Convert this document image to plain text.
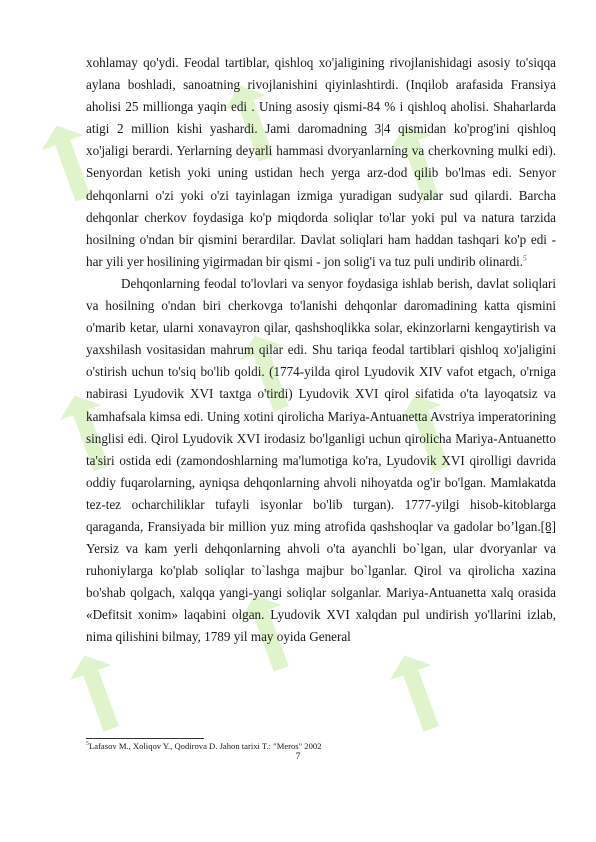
xohlamay qo'ydi. Feodal tartiblar, qishloq xo'jaligining rivojlanishidagi asosiy to'siqqa aylana boshladi, sanoatning rivojlanishini qiyinlashtirdi. (Inqilob arafasida Fransiya aholisi 25 millionga yaqin edi . Uning asosiy qismi-84 % i qishloq aholisi. Shaharlarda atigi 2 million kishi yashardi. Jami daromadning 3|4 qismidan ko'prog'ini qishloq xo'jaligi berardi. Yerlarning deyarli hammasi dvoryanlarning va cherkovning mulki edi). Senyordan ketish yoki uning ustidan hech yerga arz-dod qilib bo'lmas edi. Senyor dehqonlarni o'zi yoki o'zi tayinlagan izmiga yuradigan sudyalar sud qilardi. Barcha dehqonlar cherkov foydasiga ko'p miqdorda soliqlar to'lar yoki pul va natura tarzida hosilning o'ndan bir qismini berardilar. Davlat soliqlari ham haddan tashqari ko'p edi - har yili yer hosilining yigirmadan bir qismi - jon solig'i va tuz puli undirib olinardi.$^5$

Dehqonlarning feodal to'lovlari va senyor foydasiga ishlab berish, davlat soliqlari va hosilning o'ndan biri cherkovga to'lanishi dehqonlar daromadining katta qismini o'marib ketar, ularni xonavayron qilar, qashshoqlikka solar, ekinzorlarni kengaytirish va yaxshilash vositasidan mahrum qilar edi. Shu tariqa feodal tartiblari qishloq xo'jaligini o'stirish uchun to'siq bo'lib qoldi. (1774-yilda qirol Lyudovik XIV vafot etgach, o'rniga nabirasi Lyudovik XVI taxtga o'tirdi) Lyudovik XVI qirol sifatida o'ta layoqatsiz va kamhafsala kimsa edi. Uning xotini qirolicha Mariya-Antuanetta Avstriya imperatorining singlisi edi. Qirol Lyudovik XVI irodasiz bo'lganligi uchun qirolicha Mariya-Antuanetto ta'siri ostida edi (zamondoshlarning ma'lumotiga ko'ra, Lyudovik XVI qirolligi davrida oddiy fuqarolarning, ayniqsa dehqonlarning ahvoli nihoyatda og'ir bo'lgan. Mamlakatda tez-tez ocharchiliklar tufayli isyonlar bo'lib turgan). 1777-yilgi hisob-kitoblarga qaraganda, Fransiyada bir million yuz ming atrofida qashshoqlar va gadolar bo’lgan.[8] Yersiz va kam yerli dehqonlarning ahvoli o'ta ayanchli bo`lgan, ular dvoryanlar va ruhoniylarga ko'plab soliqlar to`lashga majbur bo`lganlar. Qirol va qirolicha xazina bo'shab qolgach, xalqqa yangi-yangi soliqlar solganlar. Mariya-Antuanetta xalq orasida «Defitsit xonim» laqabini olgan. Lyudovik XVI xalqdan pul undirish yo'llarini izlab, nima qilishini bilmay, 1789 yil may oyida General

$^5$Lafasov M., Xoliqov Y., Qodirova D. Jahon tarixi T.: "Meros" 2002
7
